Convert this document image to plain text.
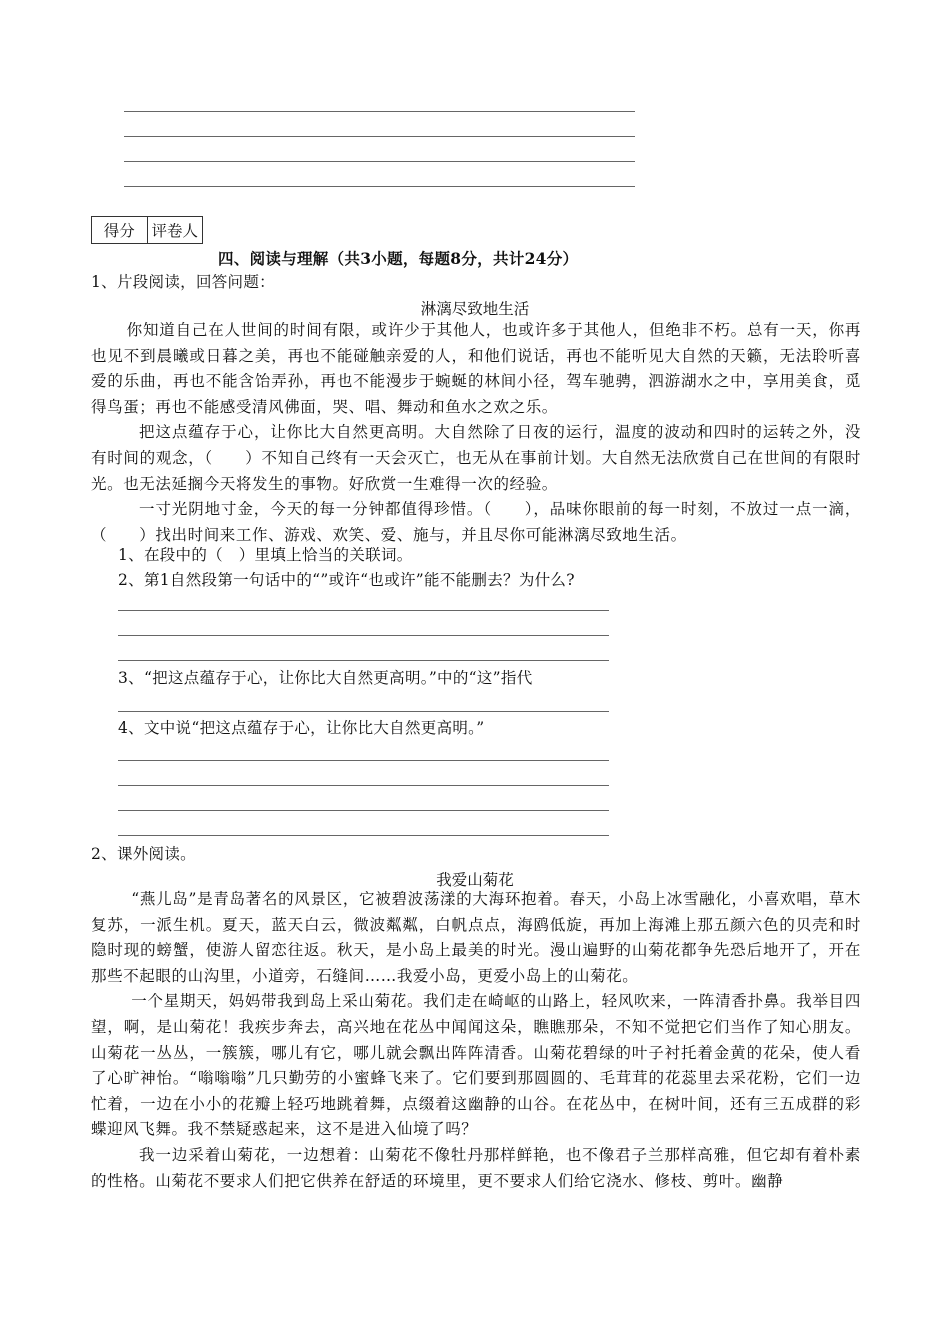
得分	评卷人
四、阅读与理解（共3小题，每题8分，共计24分）
1、片段阅读，回答问题：
淋漓尽致地生活

你知道自己在人世间的时间有限，或许少于其他人，也或许多于其他人，但绝非不朽。总有一天，你再也见不到晨曦或日暮之美，再也不能碰触亲爱的人，和他们说话，再也不能听见大自然的天籁，无法聆听喜爱的乐曲，再也不能含饴弄孙，再也不能漫步于蜿蜒的林间小径，驾车驰骋，泗游湖水之中，享用美食，觅得鸟蛋；再也不能感受清风佛面，哭、唱、舞动和鱼水之欢之乐。

把这点蕴存于心，让你比大自然更高明。大自然除了日夜的运行，温度的波动和四时的运转之外，没有时间的观念，（　　）不知自己终有一天会灭亡，也无从在事前计划。大自然无法欣赏自己在世间的有限时光。也无法延搁今天将发生的事物。好欣赏一生难得一次的经验。

一寸光阴地寸金，今天的每一分钟都值得珍惜。（　　），品味你眼前的每一时刻，不放过一点一滴，（　　）找出时间来工作、游戏、欢笑、爱、施与，并且尽你可能淋漓尽致地生活。

1、在段中的（　）里填上恰当的关联词。
2、第1自然段第一句话中的“”或许“也或许”能不能删去？为什么?
3、“把这点蕴存于心，让你比大自然更高明。”中的“这”指代
4、文中说“把这点蕴存于心，让你比大自然更高明。”
2、课外阅读。
我爱山菊花

“燕儿岛”是青岛著名的风景区，它被碧波荡漾的大海环抱着。春天，小岛上冰雪融化，小喜欢唱，草木复苏，一派生机。夏天，蓝天白云，微波粼粼，白帆点点，海鸥低旋，再加上海滩上那五颜六色的贝壳和时隐时现的螃蟹，使游人留恋往返。秋天，是小岛上最美的时光。漫山遍野的山菊花都争先恐后地开了，开在那些不起眼的山沟里，小道旁，石缝间……我爱小岛，更爱小岛上的山菊花。

一个星期天，妈妈带我到岛上采山菊花。我们走在崎岖的山路上，轻风吹来，一阵清香扑鼻。我举目四望，啊，是山菊花！我疾步奔去，高兴地在花丛中闻闻这朵，瞧瞧那朵，不知不觉把它们当作了知心朋友。山菊花一丛丛，一簇簇，哪儿有它，哪儿就会飘出阵阵清香。山菊花碧绿的叶子衬托着金黄的花朵，使人看了心旷神怡。“嗡嗡嗡”几只勤劳的小蜜蜂飞来了。它们要到那圆圆的、毛茸茸的花蕊里去采花粉，它们一边忙着，一边在小小的花瓣上轻巧地跳着舞，点缀着这幽静的山谷。在花丛中，在树叶间，还有三五成群的彩蝶迎风飞舞。我不禁疑惑起来，这不是进入仙境了吗？

我一边采着山菊花，一边想着：山菊花不像牡丹那样鲜艳，也不像君子兰那样高雅，但它却有着朴素的性格。山菊花不要求人们把它供养在舒适的环境里，更不要求人们给它浇水、修枝、剪叶。幽静
